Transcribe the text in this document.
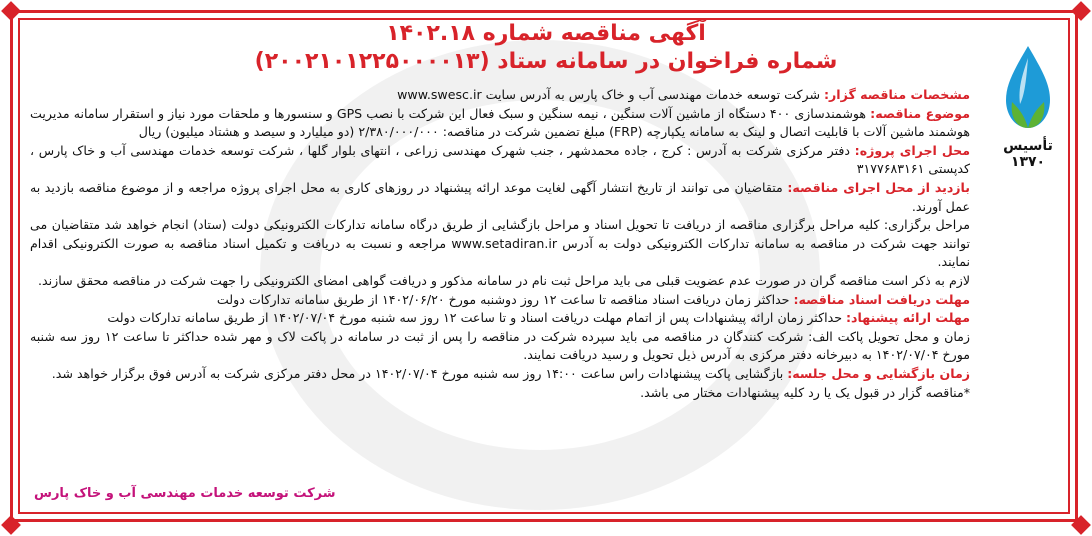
آگهی مناقصه شماره ۱۴۰۲.۱۸
شماره فراخوان در سامانه ستاد (۲۰۰۲۱۰۱۲۲۵۰۰۰۰۱۳)
تأسیس ۱۳۷۰

مشخصات مناقصه گزار: شرکت توسعه خدمات مهندسی آب و خاک پارس به آدرس سایت www.swesc.ir

موضوع مناقصه: هوشمندسازی ۴۰۰ دستگاه از ماشین آلات سنگین ، نیمه سنگین و سبک فعال این شرکت با نصب GPS و سنسورها و ملحقات مورد نیاز و استقرار سامانه مدیریت هوشمند ماشین آلات با قابلیت اتصال و لینک به سامانه یکپارچه (FRP) مبلغ تضمین شرکت در مناقصه: ۲/۳۸۰/۰۰۰/۰۰۰ (دو میلیارد و سیصد و هشتاد میلیون) ریال

محل اجرای پروژه: دفتر مرکزی شرکت به آدرس : کرج ، جاده محمدشهر ، جنب شهرک مهندسی زراعی ، انتهای بلوار گلها ، شرکت توسعه خدمات مهندسی آب و خاک پارس ، کدپستی ۳۱۷۷۶۸۳۱۶۱

بازدید از محل اجرای مناقصه: متقاضیان می توانند از تاریخ انتشار آگهی لغایت موعد ارائه پیشنهاد در روزهای کاری به محل اجرای پروژه مراجعه و از موضوع مناقصه بازدید به عمل آورند.

مراحل برگزاری: کلیه مراحل برگزاری مناقصه از دریافت تا تحویل اسناد و مراحل بازگشایی از طریق درگاه سامانه تدارکات الکترونیکی دولت (ستاد) انجام خواهد شد متقاضیان می توانند جهت شرکت در مناقصه به سامانه تدارکات الکترونیکی دولت به آدرس www.setadiran.ir مراجعه و نسبت به دریافت و تکمیل اسناد مناقصه به صورت الکترونیکی اقدام نمایند.

لازم به ذکر است مناقصه گران در صورت عدم عضویت قبلی می باید مراحل ثبت نام در سامانه مذکور و دریافت گواهی امضای الکترونیکی را جهت شرکت در مناقصه محقق سازند.

مهلت دریافت اسناد مناقصه: حداکثر زمان دریافت اسناد مناقصه تا ساعت ۱۲ روز دوشنبه مورخ ۱۴۰۲/۰۶/۲۰ از طریق سامانه تدارکات دولت

مهلت ارائه پیشنهاد: حداکثر زمان ارائه پیشنهادات پس از اتمام مهلت دریافت اسناد و تا ساعت ۱۲ روز سه شنبه مورخ ۱۴۰۲/۰۷/۰۴ از طریق سامانه تدارکات دولت

زمان و محل تحویل پاکت الف: شرکت کنندگان در مناقصه می باید سپرده شرکت در مناقصه را پس از ثبت در سامانه در پاکت لاک و مهر شده حداکثر تا ساعت ۱۲ روز سه شنبه مورخ ۱۴۰۲/۰۷/۰۴ به دبیرخانه دفتر مرکزی به آدرس ذیل تحویل و رسید دریافت نمایند.

زمان بازگشایی و محل جلسه: بازگشایی پاکت پیشنهادات راس ساعت ۱۴:۰۰ روز سه شنبه مورخ ۱۴۰۲/۰۷/۰۴ در محل دفتر مرکزی شرکت به آدرس فوق برگزار خواهد شد.

*مناقصه گزار در قبول یک یا رد کلیه پیشنهادات مختار می باشد.

شرکت توسعه خدمات مهندسی آب و خاک پارس
